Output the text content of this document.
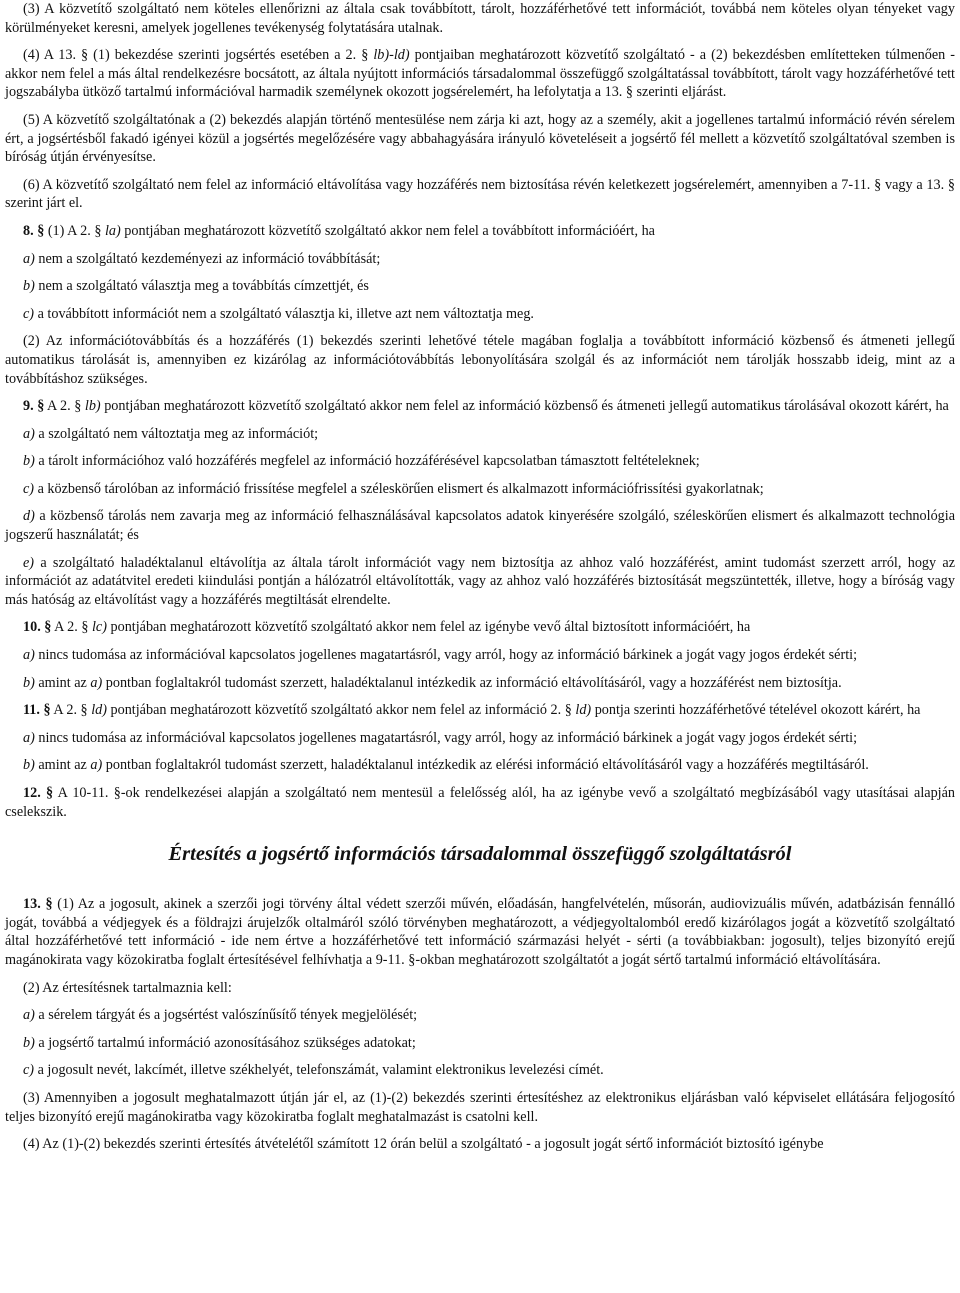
(3) A közvetítő szolgáltató nem köteles ellenőrizni az általa csak továbbított, tárolt, hozzáférhetővé tett információt, továbbá nem köteles olyan tényeket vagy körülményeket keresni, amelyek jogellenes tevékenység folytatására utalnak.

(4) A 13. § (1) bekezdése szerinti jogsértés esetében a 2. § lb)-ld) pontjaiban meghatározott közvetítő szolgáltató - a (2) bekezdésben említetteken túlmenően - akkor nem felel a más által rendelkezésre bocsátott, az általa nyújtott információs társadalommal összefüggő szolgáltatással továbbított, tárolt vagy hozzáférhetővé tett jogszabályba ütköző tartalmú információval harmadik személynek okozott jogsérelemért, ha lefolytatja a 13. § szerinti eljárást.

(5) A közvetítő szolgáltatónak a (2) bekezdés alapján történő mentesülése nem zárja ki azt, hogy az a személy, akit a jogellenes tartalmú információ révén sérelem ért, a jogsértésből fakadó igényei közül a jogsértés megelőzésére vagy abbahagyására irányuló követeléseit a jogsértő fél mellett a közvetítő szolgáltatóval szemben is bíróság útján érvényesítse.

(6) A közvetítő szolgáltató nem felel az információ eltávolítása vagy hozzáférés nem biztosítása révén keletkezett jogsérelemért, amennyiben a 7-11. § vagy a 13. § szerint járt el.

8. § (1) A 2. § la) pontjában meghatározott közvetítő szolgáltató akkor nem felel a továbbított információért, ha

a) nem a szolgáltató kezdeményezi az információ továbbítását;

b) nem a szolgáltató választja meg a továbbítás címzettjét, és

c) a továbbított információt nem a szolgáltató választja ki, illetve azt nem változtatja meg.

(2) Az információtovábbítás és a hozzáférés (1) bekezdés szerinti lehetővé tétele magában foglalja a továbbított információ közbenső és átmeneti jellegű automatikus tárolását is, amennyiben ez kizárólag az információtovábbítás lebonyolítására szolgál és az információt nem tárolják hosszabb ideig, mint az a továbbításhoz szükséges.

9. § A 2. § lb) pontjában meghatározott közvetítő szolgáltató akkor nem felel az információ közbenső és átmeneti jellegű automatikus tárolásával okozott kárért, ha

a) a szolgáltató nem változtatja meg az információt;

b) a tárolt információhoz való hozzáférés megfelel az információ hozzáférésével kapcsolatban támasztott feltételeknek;

c) a közbenső tárolóban az információ frissítése megfelel a széleskörűen elismert és alkalmazott információfrissítési gyakorlatnak;

d) a közbenső tárolás nem zavarja meg az információ felhasználásával kapcsolatos adatok kinyerésére szolgáló, széleskörűen elismert és alkalmazott technológia jogszerű használatát; és

e) a szolgáltató haladéktalanul eltávolítja az általa tárolt információt vagy nem biztosítja az ahhoz való hozzáférést, amint tudomást szerzett arról, hogy az információt az adatátvitel eredeti kiindulási pontján a hálózatról eltávolították, vagy az ahhoz való hozzáférés biztosítását megszüntették, illetve, hogy a bíróság vagy más hatóság az eltávolítást vagy a hozzáférés megtiltását elrendelte.

10. § A 2. § lc) pontjában meghatározott közvetítő szolgáltató akkor nem felel az igénybe vevő által biztosított információért, ha

a) nincs tudomása az információval kapcsolatos jogellenes magatartásról, vagy arról, hogy az információ bárkinek a jogát vagy jogos érdekét sérti;

b) amint az a) pontban foglaltakról tudomást szerzett, haladéktalanul intézkedik az információ eltávolításáról, vagy a hozzáférést nem biztosítja.

11. § A 2. § ld) pontjában meghatározott közvetítő szolgáltató akkor nem felel az információ 2. § ld) pontja szerinti hozzáférhetővé tételével okozott kárért, ha

a) nincs tudomása az információval kapcsolatos jogellenes magatartásról, vagy arról, hogy az információ bárkinek a jogát vagy jogos érdekét sérti;

b) amint az a) pontban foglaltakról tudomást szerzett, haladéktalanul intézkedik az elérési információ eltávolításáról vagy a hozzáférés megtiltásáról.

12. § A 10-11. §-ok rendelkezései alapján a szolgáltató nem mentesül a felelősség alól, ha az igénybe vevő a szolgáltató megbízásából vagy utasításai alapján cselekszik.

Értesítés a jogsértő információs társadalommal összefüggő szolgáltatásról

13. § (1) Az a jogosult, akinek a szerzői jogi törvény által védett szerzői művén, előadásán, hangfelvételén, műsorán, audiovizuális művén, adatbázisán fennálló jogát, továbbá a védjegyek és a földrajzi árujelzők oltalmáról szóló törvényben meghatározott, a védjegyoltalomból eredő kizárólagos jogát a közvetítő szolgáltató által hozzáférhetővé tett információ - ide nem értve a hozzáférhetővé tett információ származási helyét - sérti (a továbbiakban: jogosult), teljes bizonyító erejű magánokirata vagy közokiratba foglalt értesítésével felhívhatja a 9-11. §-okban meghatározott szolgáltatót a jogát sértő tartalmú információ eltávolítására.

(2) Az értesítésnek tartalmaznia kell:

a) a sérelem tárgyát és a jogsértést valószínűsítő tények megjelölését;

b) a jogsértő tartalmú információ azonosításához szükséges adatokat;

c) a jogosult nevét, lakcímét, illetve székhelyét, telefonszámát, valamint elektronikus levelezési címét.

(3) Amennyiben a jogosult meghatalmazott útján jár el, az (1)-(2) bekezdés szerinti értesítéshez az elektronikus eljárásban való képviselet ellátására feljogosító teljes bizonyító erejű magánokiratba vagy közokiratba foglalt meghatalmazást is csatolni kell.

(4) Az (1)-(2) bekezdés szerinti értesítés átvételétől számított 12 órán belül a szolgáltató - a jogosult jogát sértő információt biztosító igénybe
